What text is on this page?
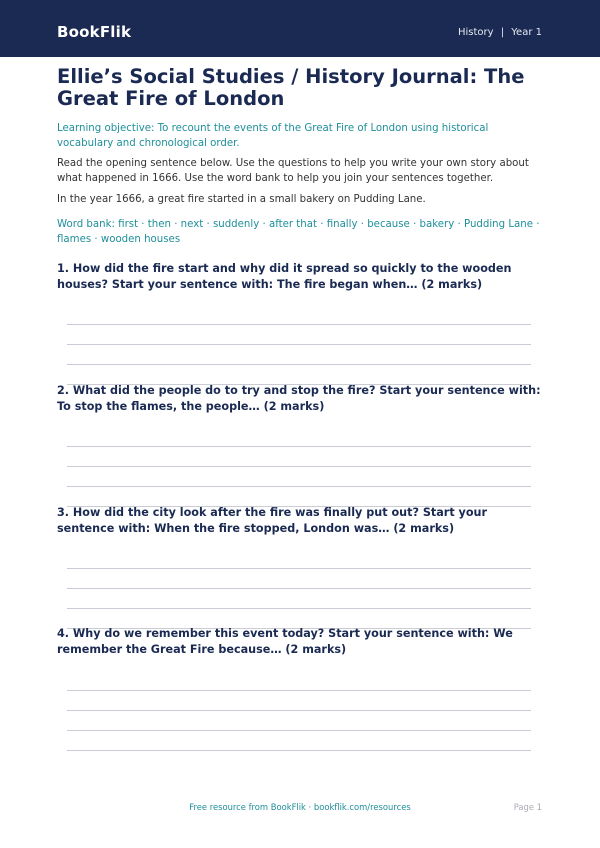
BookFlik	History | Year 1
Ellie’s Social Studies / History Journal: The Great Fire of London

Learning objective: To recount the events of the Great Fire of London using historical vocabulary and chronological order.

Read the opening sentence below. Use the questions to help you write your own story about what happened in 1666. Use the word bank to help you join your sentences together.

In the year 1666, a great fire started in a small bakery on Pudding Lane.

Word bank: first · then · next · suddenly · after that · finally · because · bakery · Pudding Lane · flames · wooden houses

1. How did the fire start and why did it spread so quickly to the wooden houses? Start your sentence with: The fire began when… (2 marks)

2. What did the people do to try and stop the fire? Start your sentence with: To stop the flames, the people… (2 marks)

3. How did the city look after the fire was finally put out? Start your sentence with: When the fire stopped, London was… (2 marks)

4. Why do we remember this event today? Start your sentence with: We remember the Great Fire because… (2 marks)

Free resource from BookFlik · bookflik.com/resources	Page 1
